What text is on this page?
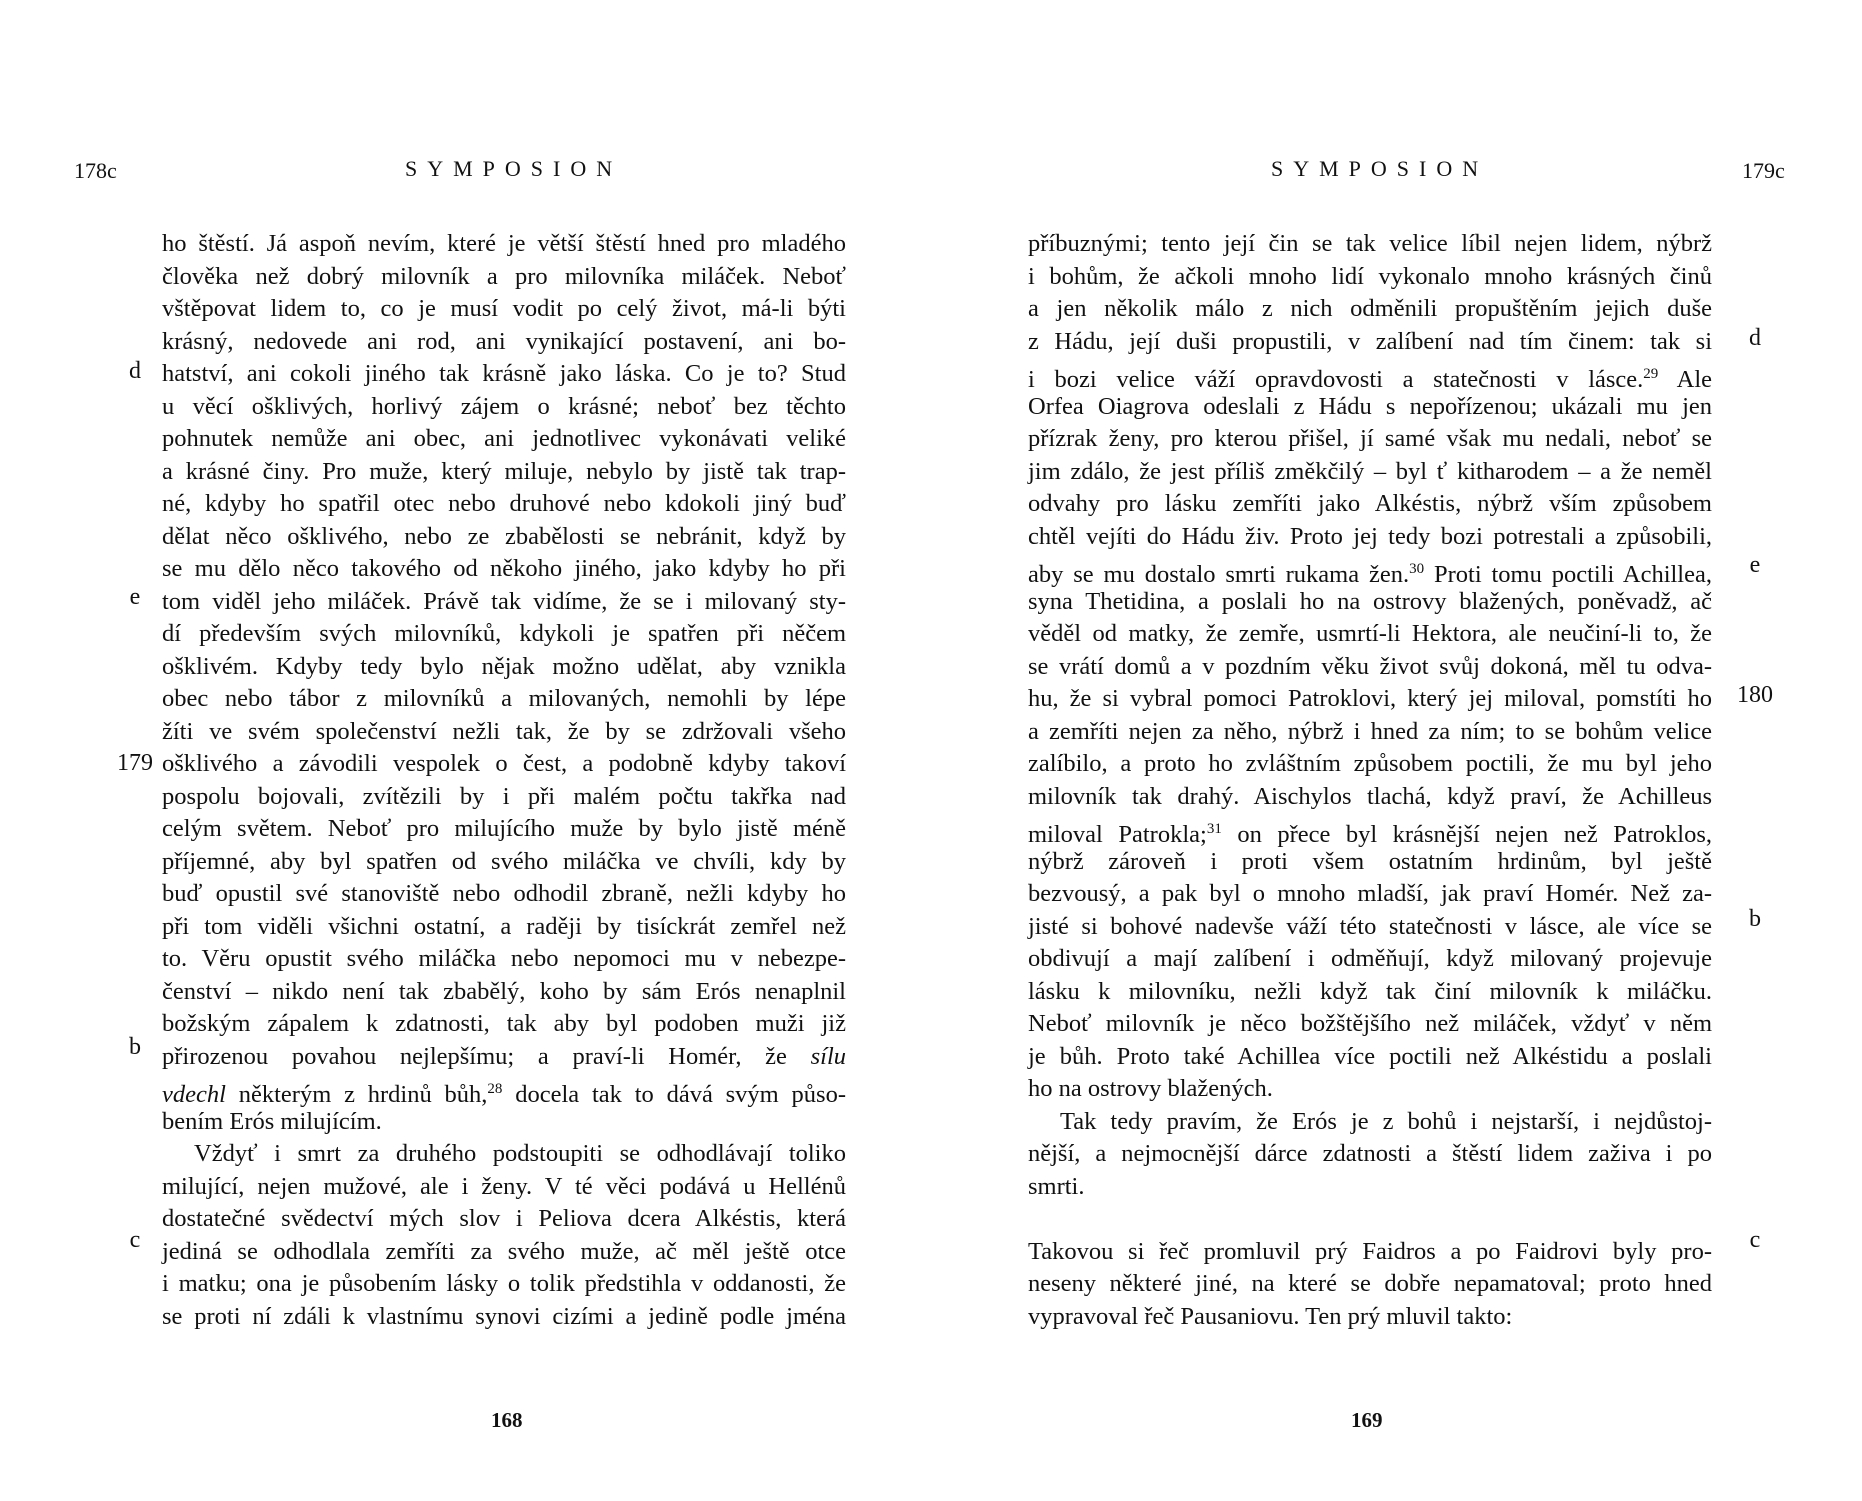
178c	SYMPOSION
d
e
179
b
c
ho štěstí. Já aspoň nevím, které je větší štěstí hned pro mladého
člověka než dobrý milovník a pro milovníka miláček. Neboť
vštěpovat lidem to, co je musí vodit po celý život, má-li býti
krásný, nedovede ani rod, ani vynikající postavení, ani bo-
hatství, ani cokoli jiného tak krásně jako láska. Co je to? Stud
u věcí ošklivých, horlivý zájem o krásné; neboť bez těchto
pohnutek nemůže ani obec, ani jednotlivec vykonávati veliké
a krásné činy. Pro muže, který miluje, nebylo by jistě tak trap-
né, kdyby ho spatřil otec nebo druhové nebo kdokoli jiný buď
dělat něco ošklivého, nebo ze zbabělosti se nebránit, když by
se mu dělo něco takového od někoho jiného, jako kdyby ho při
tom viděl jeho miláček. Právě tak vidíme, že se i milovaný sty-
dí především svých milovníků, kdykoli je spatřen při něčem
ošklivém. Kdyby tedy bylo nějak možno udělat, aby vznikla
obec nebo tábor z milovníků a milovaných, nemohli by lépe
žíti ve svém společenství nežli tak, že by se zdržovali všeho
ošklivého a závodili vespolek o čest, a podobně kdyby takoví
pospolu bojovali, zvítězili by i při malém počtu takřka nad
celým světem. Neboť pro milujícího muže by bylo jistě méně
příjemné, aby byl spatřen od svého miláčka ve chvíli, kdy by
buď opustil své stanoviště nebo odhodil zbraně, nežli kdyby ho
při tom viděli všichni ostatní, a raději by tisíckrát zemřel než
to. Věru opustit svého miláčka nebo nepomoci mu v nebezpe-
čenství – nikdo není tak zbabělý, koho by sám Erós nenaplnil
božským zápalem k zdatnosti, tak aby byl podoben muži již
přirozenou povahou nejlepšímu; a praví-li Homér, že sílu
vdechl některým z hrdinů bůh,$^{28}$ docela tak to dává svým půso-
bením Erós milujícím.
Vždyť i smrt za druhého podstoupiti se odhodlávají toliko
milující, nejen mužové, ale i ženy. V té věci podává u Hellénů
dostatečné svědectví mých slov i Peliova dcera Alkéstis, která
jediná se odhodlala zemříti za svého muže, ač měl ještě otce
i matku; ona je působením lásky o tolik předstihla v oddanosti, že
se proti ní zdáli k vlastnímu synovi cizími a jedině podle jména
168
SYMPOSION	179c
d
e
180
b
c
příbuznými; tento její čin se tak velice líbil nejen lidem, nýbrž
i bohům, že ačkoli mnoho lidí vykonalo mnoho krásných činů
a jen několik málo z nich odměnili propuštěním jejich duše
z Hádu, její duši propustili, v zalíbení nad tím činem: tak si
i bozi velice váží opravdovosti a statečnosti v lásce.$^{29}$ Ale
Orfea Oiagrova odeslali z Hádu s nepořízenou; ukázali mu jen
přízrak ženy, pro kterou přišel, jí samé však mu nedali, neboť se
jim zdálo, že jest příliš změkčilý – byl ť kitharodem – a že neměl
odvahy pro lásku zemříti jako Alkéstis, nýbrž vším způsobem
chtěl vejíti do Hádu živ. Proto jej tedy bozi potrestali a způsobili,
aby se mu dostalo smrti rukama žen.$^{30}$ Proti tomu poctili Achillea,
syna Thetidina, a poslali ho na ostrovy blažených, poněvadž, ač
věděl od matky, že zemře, usmrtí-li Hektora, ale neučiní-li to, že
se vrátí domů a v pozdním věku život svůj dokoná, měl tu odva-
hu, že si vybral pomoci Patroklovi, který jej miloval, pomstíti ho
a zemříti nejen za něho, nýbrž i hned za ním; to se bohům velice
zalíbilo, a proto ho zvláštním způsobem poctili, že mu byl jeho
milovník tak drahý. Aischylos tlachá, když praví, že Achilleus
miloval Patrokla;$^{31}$ on přece byl krásnější nejen než Patroklos,
nýbrž zároveň i proti všem ostatním hrdinům, byl ještě
bezvousý, a pak byl o mnoho mladší, jak praví Homér. Než za-
jisté si bohové nadevše váží této statečnosti v lásce, ale více se
obdivují a mají zalíbení i odměňují, když milovaný projevuje
lásku k milovníku, nežli když tak činí milovník k miláčku.
Neboť milovník je něco božštějšího než miláček, vždyť v něm
je bůh. Proto také Achillea více poctili než Alkéstidu a poslali
ho na ostrovy blažených.
Tak tedy pravím, že Erós je z bohů i nejstarší, i nejdůstoj-
nější, a nejmocnější dárce zdatnosti a štěstí lidem zaživa i po
smrti.
Takovou si řeč promluvil prý Faidros a po Faidrovi byly pro-
neseny některé jiné, na které se dobře nepamatoval; proto hned
vypravoval řeč Pausaniovu. Ten prý mluvil takto:
169
